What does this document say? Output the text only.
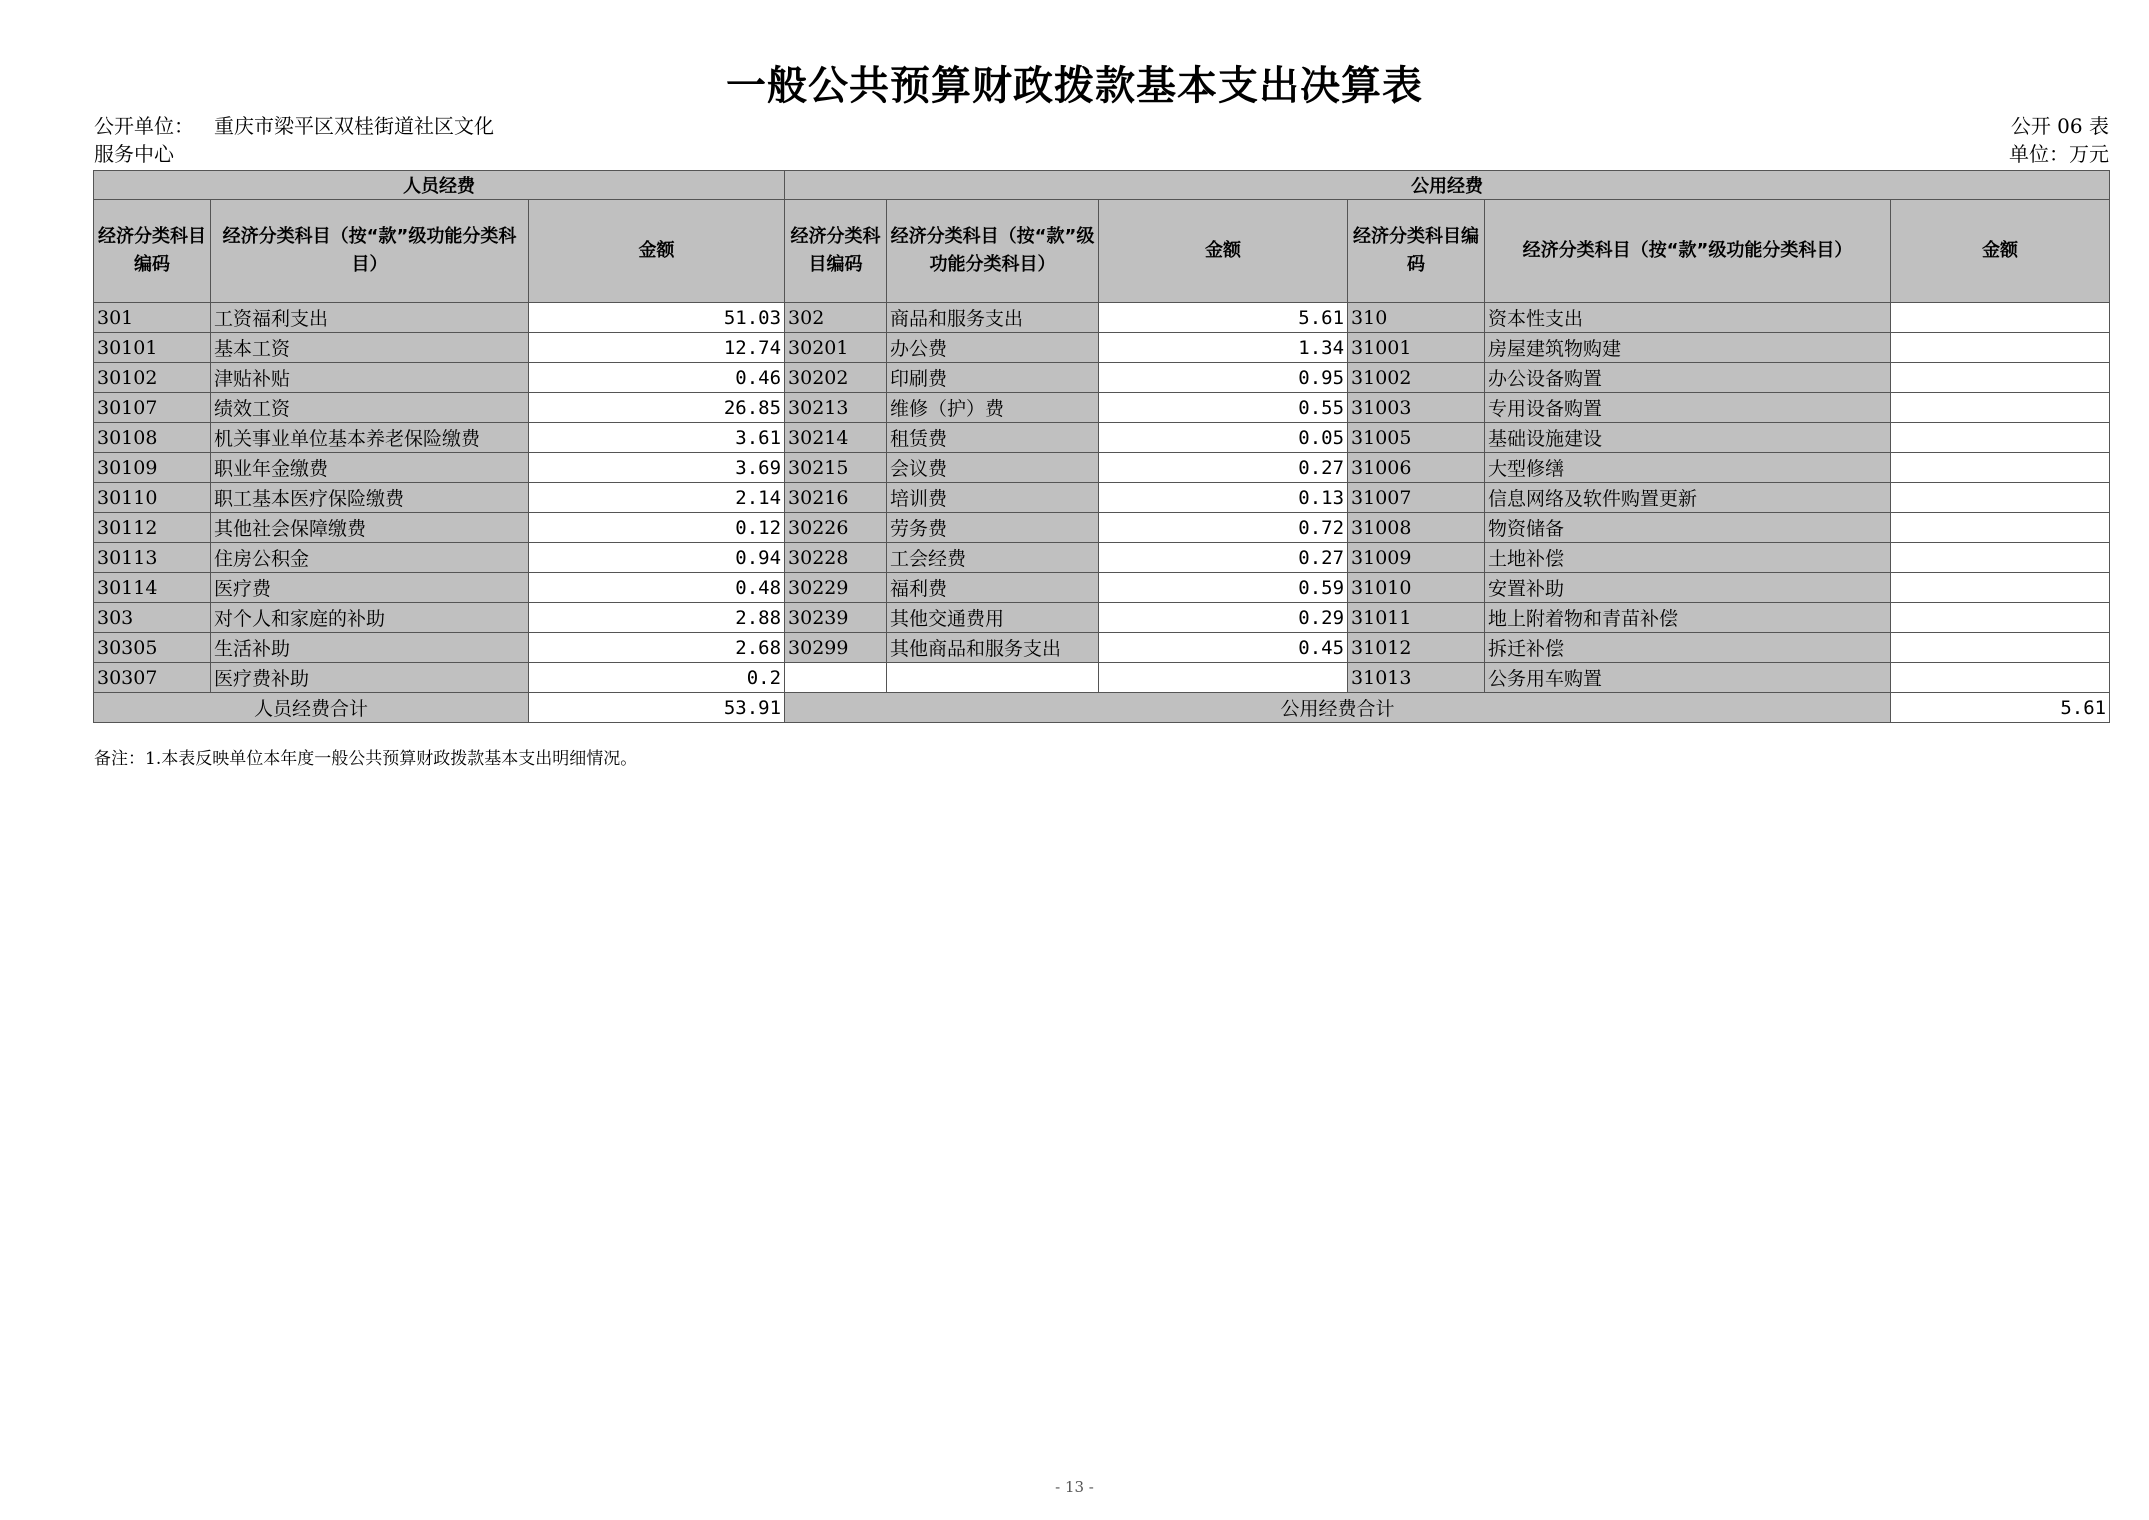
一般公共预算财政拨款基本支出决算表
公开单位： 重庆市梁平区双桂街道社区文化
服务中心
公开 06 表
单位：万元
人员经费			公用经费					
经济分类科目编码	经济分类科目（按“款”级功能分类科目）	金额	经济分类科目编码	经济分类科目（按“款”级功能分类科目）	金额	经济分类科目编码	经济分类科目（按“款”级功能分类科目）	金额
301	工资福利支出	51.03	302	商品和服务支出	5.61	310	资本性支出	
30101	基本工资	12.74	30201	办公费	1.34	31001	房屋建筑物购建	
30102	津贴补贴	0.46	30202	印刷费	0.95	31002	办公设备购置	
30107	绩效工资	26.85	30213	维修（护）费	0.55	31003	专用设备购置	
30108	机关事业单位基本养老保险缴费	3.61	30214	租赁费	0.05	31005	基础设施建设	
30109	职业年金缴费	3.69	30215	会议费	0.27	31006	大型修缮	
30110	职工基本医疗保险缴费	2.14	30216	培训费	0.13	31007	信息网络及软件购置更新	
30112	其他社会保障缴费	0.12	30226	劳务费	0.72	31008	物资储备	
30113	住房公积金	0.94	30228	工会经费	0.27	31009	土地补偿	
30114	医疗费	0.48	30229	福利费	0.59	31010	安置补助	
303	对个人和家庭的补助	2.88	30239	其他交通费用	0.29	31011	地上附着物和青苗补偿	
30305	生活补助	2.68	30299	其他商品和服务支出	0.45	31012	拆迁补偿	
30307	医疗费补助	0.2				31013	公务用车购置	
人员经费合计		53.91	公用经费合计					5.61
备注：1.本表反映单位本年度一般公共预算财政拨款基本支出明细情况。
- 13 -
